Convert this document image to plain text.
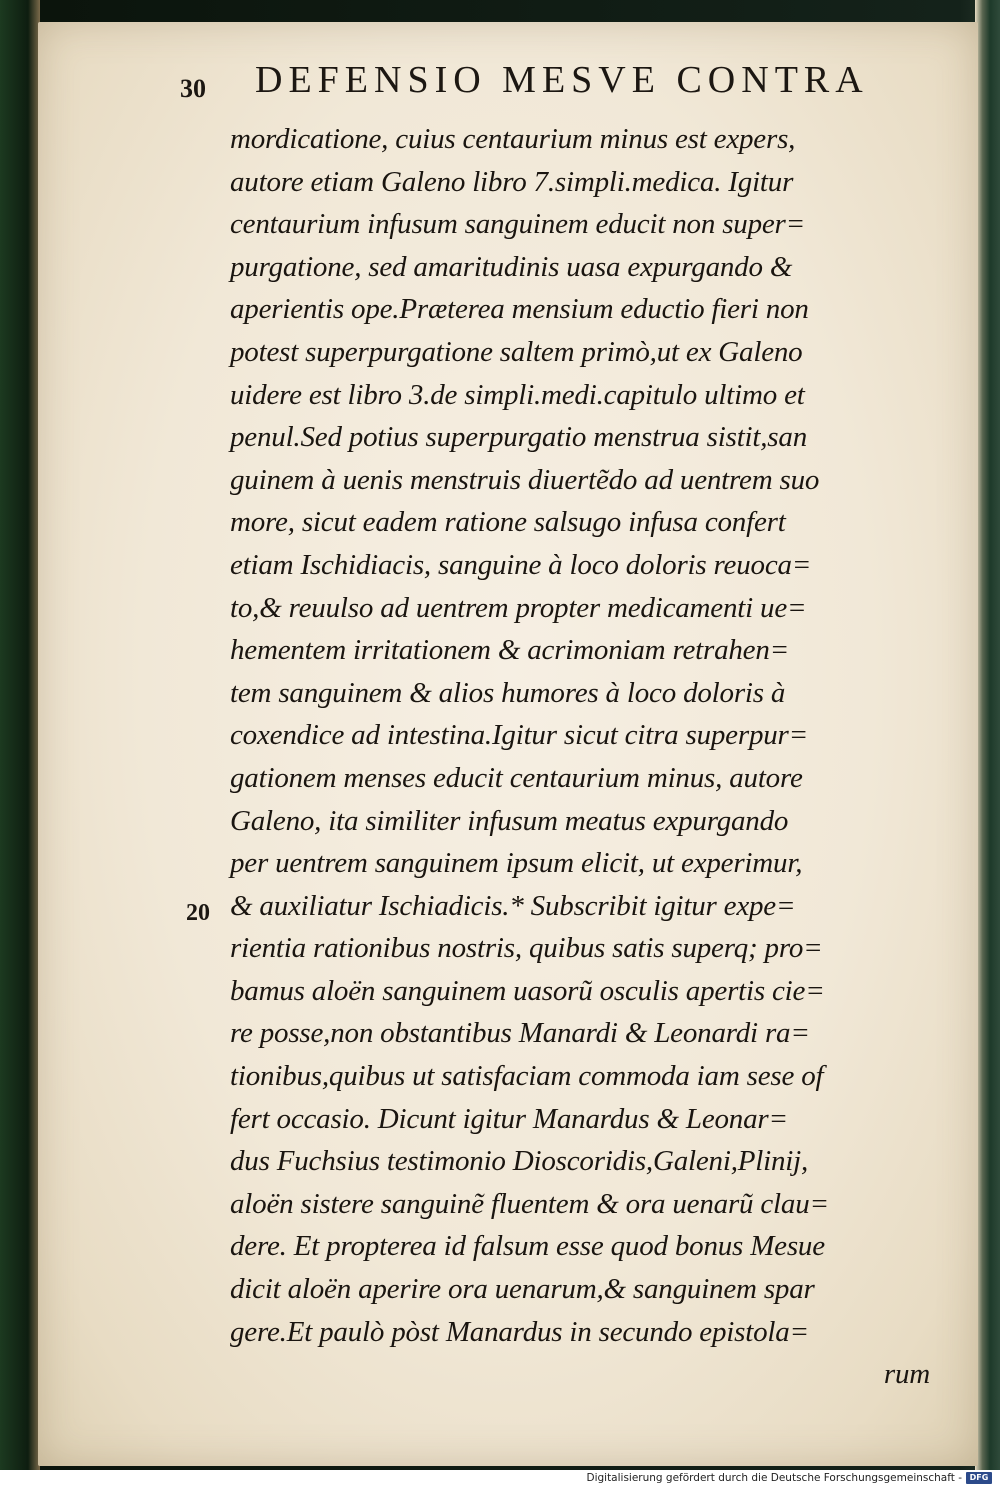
30 DEFENSIO MESVE CONTRA
mordicatione, cuius centaurium minus est expers,
autore etiam Galeno libro 7.simpli.medica. Igitur
centaurium infusum sanguinem educit non super=
purgatione, sed amaritudinis uasa expurgando &
aperientis ope.Præterea mensium eductio fieri non
potest superpurgatione saltem primò,ut ex Galeno
uidere est libro 3.de simpli.medi.capitulo ultimo et
penul.Sed potius superpurgatio menstrua sistit,san
guinem à uenis menstruis diuertẽdo ad uentrem suo
more, sicut eadem ratione salsugo infusa confert
etiam Ischidiacis, sanguine à loco doloris reuoca=
to,& reuulso ad uentrem propter medicamenti ue=
hementem irritationem & acrimoniam retrahen=
tem sanguinem & alios humores à loco doloris à
coxendice ad intestina.Igitur sicut citra superpur=
gationem menses educit centaurium minus, autore
Galeno, ita similiter infusum meatus expurgando
per uentrem sanguinem ipsum elicit, ut experimur,
& auxiliatur Ischiadicis.* Subscribit igitur expe=
rientia rationibus nostris, quibus satis superq; pro=
bamus aloën sanguinem uasorũ osculis apertis cie=
re posse,non obstantibus Manardi & Leonardi ra=
tionibus,quibus ut satisfaciam commoda iam sese of
fert occasio. Dicunt igitur Manardus & Leonar=
dus Fuchsius testimonio Dioscoridis,Galeni,Plinij,
aloën sistere sanguinẽ fluentem & ora uenarũ clau=
dere. Et propterea id falsum esse quod bonus Mesue
dicit aloën aperire ora uenarum,& sanguinem spar
gere.Et paulò pòst Manardus in secundo epistola=
rum
20
Digitalisierung gefördert durch die Deutsche Forschungsgemeinschaft - DFG
